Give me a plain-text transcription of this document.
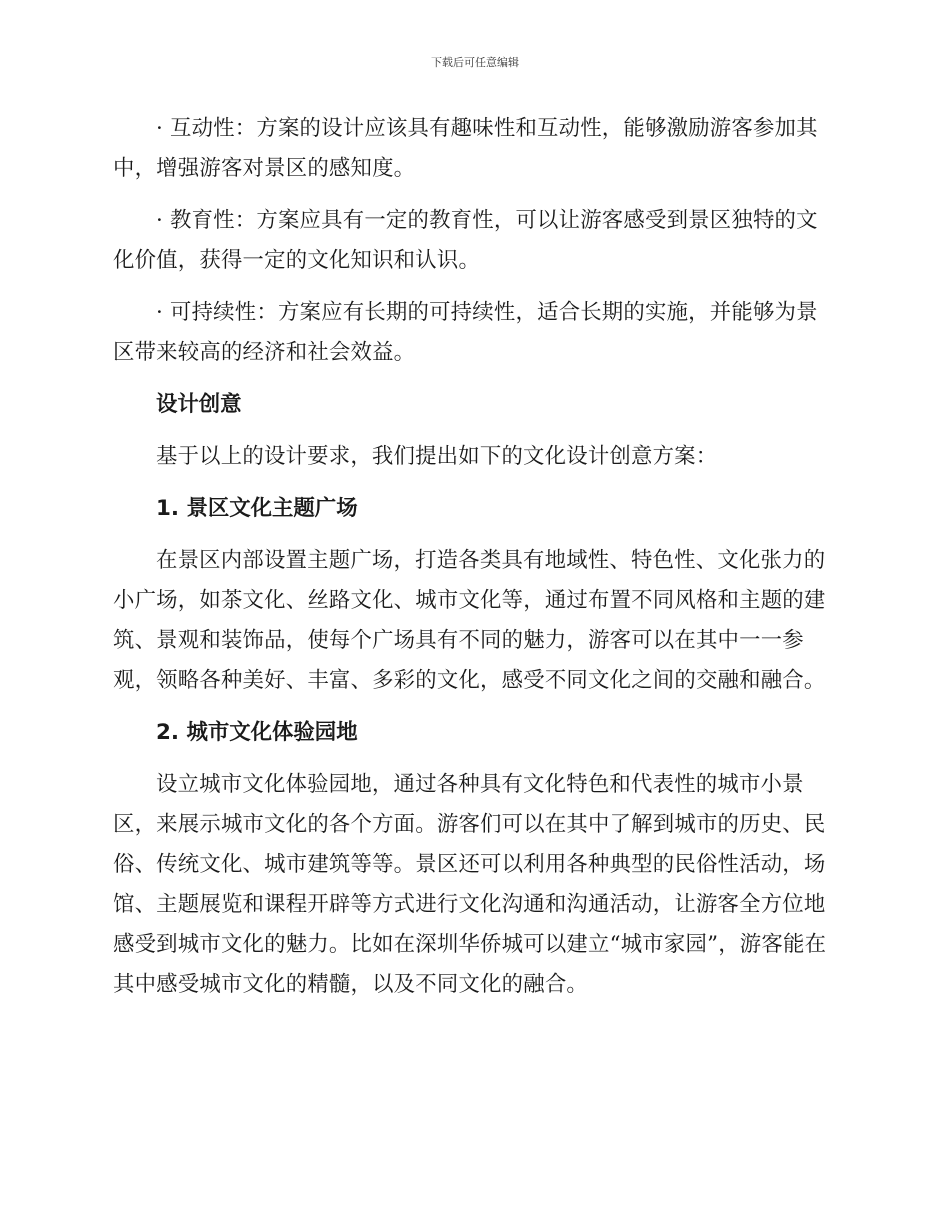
下载后可任意编辑

· 互动性：方案的设计应该具有趣味性和互动性，能够激励游客参加其中，增强游客对景区的感知度。

· 教育性：方案应具有一定的教育性，可以让游客感受到景区独特的文化价值，获得一定的文化知识和认识。

· 可持续性：方案应有长期的可持续性，适合长期的实施，并能够为景区带来较高的经济和社会效益。

设计创意

基于以上的设计要求，我们提出如下的文化设计创意方案：

1. 景区文化主题广场

在景区内部设置主题广场，打造各类具有地域性、特色性、文化张力的小广场，如茶文化、丝路文化、城市文化等，通过布置不同风格和主题的建筑、景观和装饰品，使每个广场具有不同的魅力，游客可以在其中一一参观，领略各种美好、丰富、多彩的文化，感受不同文化之间的交融和融合。

2. 城市文化体验园地

设立城市文化体验园地，通过各种具有文化特色和代表性的城市小景区，来展示城市文化的各个方面。游客们可以在其中了解到城市的历史、民俗、传统文化、城市建筑等等。景区还可以利用各种典型的民俗性活动，场馆、主题展览和课程开辟等方式进行文化沟通和沟通活动，让游客全方位地感受到城市文化的魅力。比如在深圳华侨城可以建立“城市家园”，游客能在其中感受城市文化的精髓，以及不同文化的融合。
